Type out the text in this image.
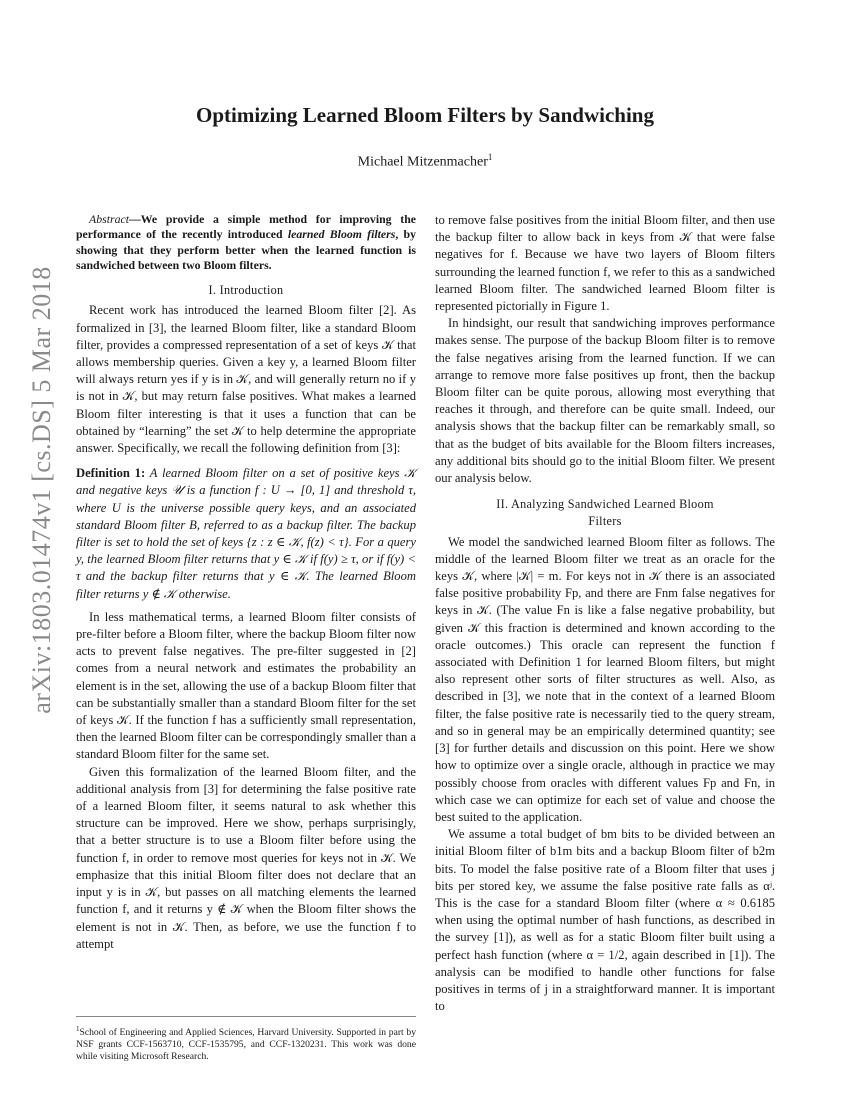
arXiv:1803.01474v1 [cs.DS] 5 Mar 2018
Optimizing Learned Bloom Filters by Sandwiching
Michael Mitzenmacher$^1$

Abstract—We provide a simple method for improving the performance of the recently introduced learned Bloom filters, by showing that they perform better when the learned function is sandwiched between two Bloom filters.

I. Introduction

Recent work has introduced the learned Bloom filter [2]. As formalized in [3], the learned Bloom filter, like a standard Bloom filter, provides a compressed representation of a set of keys 𝒦 that allows membership queries. Given a key y, a learned Bloom filter will always return yes if y is in 𝒦, and will generally return no if y is not in 𝒦, but may return false positives. What makes a learned Bloom filter interesting is that it uses a function that can be obtained by “learning” the set 𝒦 to help determine the appropriate answer. Specifically, we recall the following definition from [3]:

Definition 1: A learned Bloom filter on a set of positive keys 𝒦 and negative keys 𝒰 is a function f : U → [0, 1] and threshold τ, where U is the universe possible query keys, and an associated standard Bloom filter B, referred to as a backup filter. The backup filter is set to hold the set of keys {z : z ∈ 𝒦, f(z) < τ}. For a query y, the learned Bloom filter returns that y ∈ 𝒦 if f(y) ≥ τ, or if f(y) < τ and the backup filter returns that y ∈ 𝒦. The learned Bloom filter returns y ∉ 𝒦 otherwise.

In less mathematical terms, a learned Bloom filter consists of pre-filter before a Bloom filter, where the backup Bloom filter now acts to prevent false negatives. The pre-filter suggested in [2] comes from a neural network and estimates the probability an element is in the set, allowing the use of a backup Bloom filter that can be substantially smaller than a standard Bloom filter for the set of keys 𝒦. If the function f has a sufficiently small representation, then the learned Bloom filter can be correspondingly smaller than a standard Bloom filter for the same set.

Given this formalization of the learned Bloom filter, and the additional analysis from [3] for determining the false positive rate of a learned Bloom filter, it seems natural to ask whether this structure can be improved. Here we show, perhaps surprisingly, that a better structure is to use a Bloom filter before using the function f, in order to remove most queries for keys not in 𝒦. We emphasize that this initial Bloom filter does not declare that an input y is in 𝒦, but passes on all matching elements the learned function f, and it returns y ∉ 𝒦 when the Bloom filter shows the element is not in 𝒦. Then, as before, we use the function f to attempt

$^1$School of Engineering and Applied Sciences, Harvard University. Supported in part by NSF grants CCF-1563710, CCF-1535795, and CCF-1320231. This work was done while visiting Microsoft Research.

to remove false positives from the initial Bloom filter, and then use the backup filter to allow back in keys from 𝒦 that were false negatives for f. Because we have two layers of Bloom filters surrounding the learned function f, we refer to this as a sandwiched learned Bloom filter. The sandwiched learned Bloom filter is represented pictorially in Figure 1.

In hindsight, our result that sandwiching improves performance makes sense. The purpose of the backup Bloom filter is to remove the false negatives arising from the learned function. If we can arrange to remove more false positives up front, then the backup Bloom filter can be quite porous, allowing most everything that reaches it through, and therefore can be quite small. Indeed, our analysis shows that the backup filter can be remarkably small, so that as the budget of bits available for the Bloom filters increases, any additional bits should go to the initial Bloom filter. We present our analysis below.

II. Analyzing Sandwiched Learned Bloom
Filters

We model the sandwiched learned Bloom filter as follows. The middle of the learned Bloom filter we treat as an oracle for the keys 𝒦, where |𝒦| = m. For keys not in 𝒦 there is an associated false positive probability Fp, and there are Fnm false negatives for keys in 𝒦. (The value Fn is like a false negative probability, but given 𝒦 this fraction is determined and known according to the oracle outcomes.) This oracle can represent the function f associated with Definition 1 for learned Bloom filters, but might also represent other sorts of filter structures as well. Also, as described in [3], we note that in the context of a learned Bloom filter, the false positive rate is necessarily tied to the query stream, and so in general may be an empirically determined quantity; see [3] for further details and discussion on this point. Here we show how to optimize over a single oracle, although in practice we may possibly choose from oracles with different values Fp and Fn, in which case we can optimize for each set of value and choose the best suited to the application.

We assume a total budget of bm bits to be divided between an initial Bloom filter of b1m bits and a backup Bloom filter of b2m bits. To model the false positive rate of a Bloom filter that uses j bits per stored key, we assume the false positive rate falls as αʲ. This is the case for a standard Bloom filter (where α ≈ 0.6185 when using the optimal number of hash functions, as described in the survey [1]), as well as for a static Bloom filter built using a perfect hash function (where α = 1/2, again described in [1]). The analysis can be modified to handle other functions for false positives in terms of j in a straightforward manner. It is important to
